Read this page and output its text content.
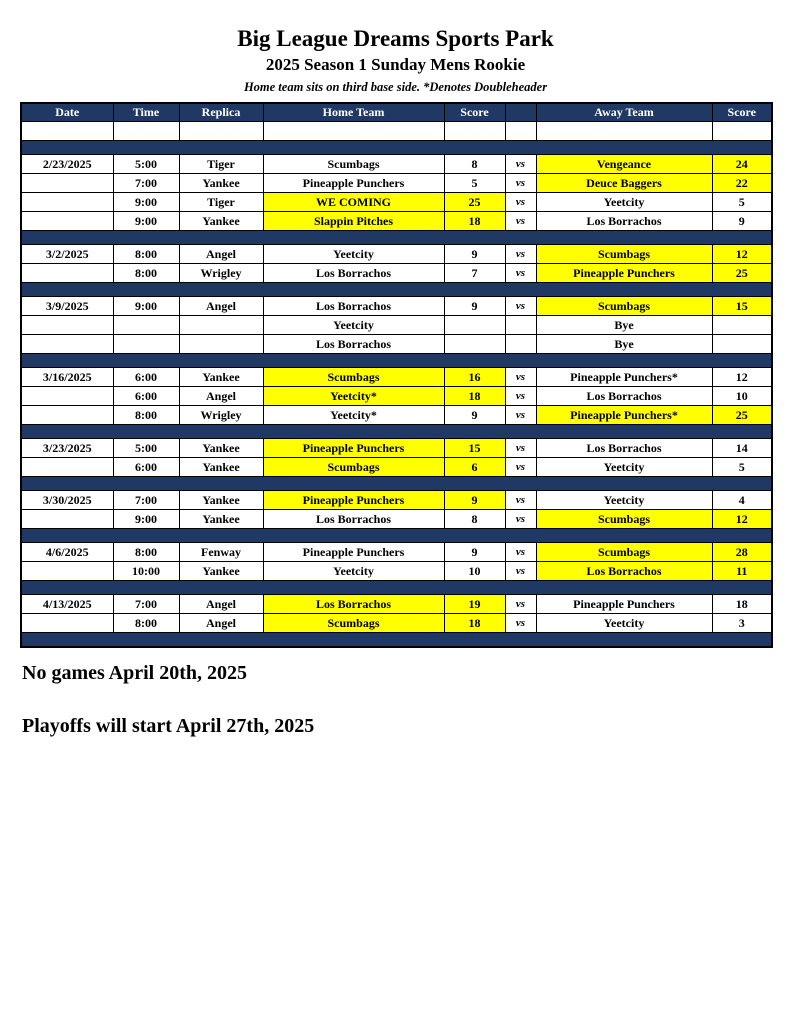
Big League Dreams Sports Park
2025 Season 1 Sunday Mens Rookie
Home team sits on third base side. *Denotes Doubleheader
Date	Time	Replica	Home Team	Score		Away Team	Score

2/23/2025	5:00	Tiger	Scumbags	8	vs	Vengeance	24
	7:00	Yankee	Pineapple Punchers	5	vs	Deuce Baggers	22
	9:00	Tiger	WE COMING	25	vs	Yeetcity	5
	9:00	Yankee	Slappin Pitches	18	vs	Los Borrachos	9

3/2/2025	8:00	Angel	Yeetcity	9	vs	Scumbags	12
	8:00	Wrigley	Los Borrachos	7	vs	Pineapple Punchers	25

3/9/2025	9:00	Angel	Los Borrachos	9	vs	Scumbags	15
			Yeetcity			Bye	
			Los Borrachos			Bye	

3/16/2025	6:00	Yankee	Scumbags	16	vs	Pineapple Punchers*	12
	6:00	Angel	Yeetcity*	18	vs	Los Borrachos	10
	8:00	Wrigley	Yeetcity*	9	vs	Pineapple Punchers*	25

3/23/2025	5:00	Yankee	Pineapple Punchers	15	vs	Los Borrachos	14
	6:00	Yankee	Scumbags	6	vs	Yeetcity	5

3/30/2025	7:00	Yankee	Pineapple Punchers	9	vs	Yeetcity	4
	9:00	Yankee	Los Borrachos	8	vs	Scumbags	12

4/6/2025	8:00	Fenway	Pineapple Punchers	9	vs	Scumbags	28
	10:00	Yankee	Yeetcity	10	vs	Los Borrachos	11

4/13/2025	7:00	Angel	Los Borrachos	19	vs	Pineapple Punchers	18
	8:00	Angel	Scumbags	18	vs	Yeetcity	3

No games April 20th, 2025
Playoffs will start April 27th, 2025
